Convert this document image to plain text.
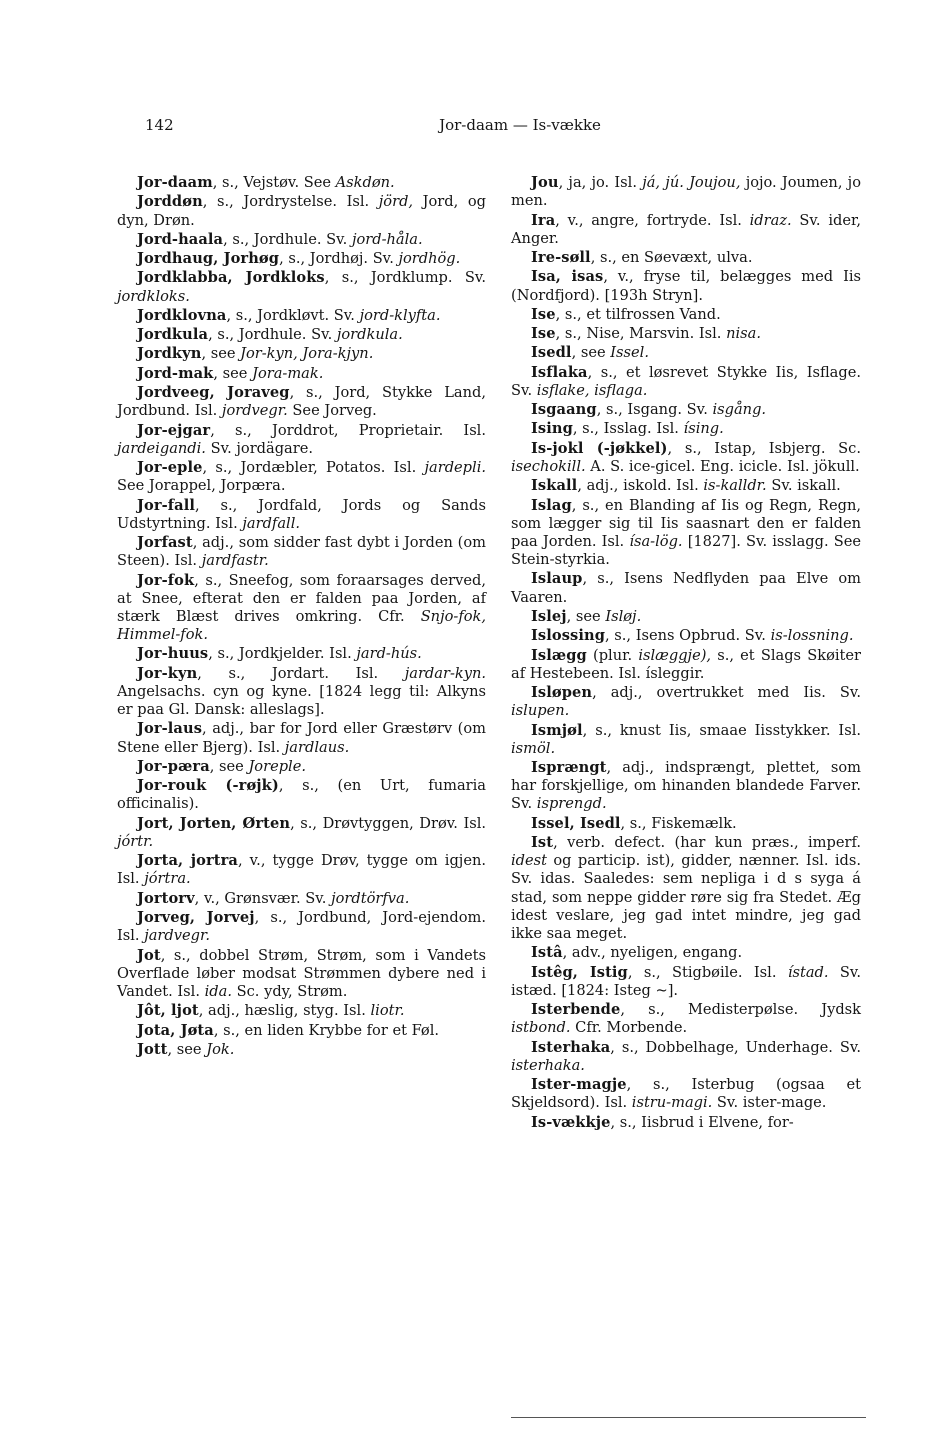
142	Jor-daam — Is-vække

Jor-daam, s., Vejstøv. See Askdøn.

Jorddøn, s., Jordrystelse. Isl. jörd, Jord, og dyn, Drøn.

Jord-haala, s., Jordhule. Sv. jord-håla.

Jordhaug, Jorhøg, s., Jordhøj. Sv. jordhög.

Jordklabba, Jordkloks, s., Jordklump. Sv. jordkloks.

Jordklovna, s., Jordkløvt. Sv. jord-klyfta.

Jordkula, s., Jordhule. Sv. jordkula.

Jordkyn, see Jor-kyn, Jora-kjyn.

Jord-mak, see Jora-mak.

Jordveeg, Joraveg, s., Jord, Stykke Land, Jordbund. Isl. jordvegr. See Jorveg.

Jor-ejgar, s., Jorddrot, Proprietair. Isl. jardeigandi. Sv. jordägare.

Jor-eple, s., Jordæbler, Potatos. Isl. jardepli. See Jorappel, Jorpæra.

Jor-fall, s., Jordfald, Jords og Sands Udstyrtning. Isl. jardfall.

Jorfast, adj., som sidder fast dybt i Jorden (om Steen). Isl. jardfastr.

Jor-fok, s., Sneefog, som foraarsages derved, at Snee, efterat den er falden paa Jorden, af stærk Blæst drives omkring. Cfr. Snjo-fok, Himmel-fok.

Jor-huus, s., Jordkjelder. Isl. jard-hús.

Jor-kyn, s., Jordart. Isl. jardar-kyn. Angelsachs. cyn og kyne. [1824 legg til: Alkyns er paa Gl. Dansk: alleslags].

Jor-laus, adj., bar for Jord eller Græstørv (om Stene eller Bjerg). Isl. jardlaus.

Jor-pæra, see Joreple.

Jor-rouk (-røjk), s., (en Urt, fumaria officinalis).

Jort, Jorten, Ørten, s., Drøvtyggen, Drøv. Isl. jórtr.

Jorta, jortra, v., tygge Drøv, tygge om igjen. Isl. jórtra.

Jortorv, v., Grønsvær. Sv. jordtörfva.

Jorveg, Jorvej, s., Jordbund, Jord-ejendom. Isl. jardvegr.

Jot, s., dobbel Strøm, Strøm, som i Vandets Overflade løber modsat Strømmen dybere ned i Vandet. Isl. ida. Sc. ydy, Strøm.

Jôt, ljot, adj., hæslig, styg. Isl. liotr.

Jota, Jøta, s., en liden Krybbe for et Føl.

Jott, see Jok.

Jou, ja, jo. Isl. já, jú. Joujou, jojo. Joumen, jo men.

Ira, v., angre, fortryde. Isl. idraz. Sv. ider, Anger.

Ire-søll, s., en Søevæxt, ulva.

Isa, isas, v., fryse til, belægges med Iis (Nordfjord). [193h Stryn].

Ise, s., et tilfrossen Vand.

Ise, s., Nise, Marsvin. Isl. nisa.

Isedl, see Issel.

Isflaka, s., et løsrevet Stykke Iis, Isflage. Sv. isflake, isflaga.

Isgaang, s., Isgang. Sv. isgång.

Ising, s., Isslag. Isl. ísing.

Is-jokl (-jøkkel), s., Istap, Isbjerg. Sc. isechokill. A. S. ice-gicel. Eng. icicle. Isl. jökull.

Iskall, adj., iskold. Isl. is-kalldr. Sv. iskall.

Islag, s., en Blanding af Iis og Regn, Regn, som lægger sig til Iis saasnart den er falden paa Jorden. Isl. ísa-lög. [1827]. Sv. isslagg. See Stein-styrkia.

Islaup, s., Isens Nedflyden paa Elve om Vaaren.

Islej, see Isløj.

Islossing, s., Isens Opbrud. Sv. is-lossning.

Islægg (plur. islæggje), s., et Slags Skøiter af Hestebeen. Isl. ísleggir.

Isløpen, adj., overtrukket med Iis. Sv. islupen.

Ismjøl, s., knust Iis, smaae Iisstykker. Isl. ismöl.

Isprængt, adj., indsprængt, plettet, som har forskjellige, om hinanden blandede Farver. Sv. isprengd.

Issel, Isedl, s., Fiskemælk.

Ist, verb. defect. (har kun præs., imperf. idest og particip. ist), gidder, nænner. Isl. ids. Sv. idas. Saaledes: sem nepliga i d s syga á stad, som neppe gidder røre sig fra Stedet. Æg idest veslare, jeg gad intet mindre, jeg gad ikke saa meget.

Istâ, adv., nyeligen, engang.

Istêg, Istig, s., Stigbøile. Isl. ístad. Sv. istæd. [1824: Isteg ~].

Isterbende, s., Medisterpølse. Jydsk istbond. Cfr. Morbende.

Isterhaka, s., Dobbelhage, Underhage. Sv. isterhaka.

Ister-magje, s., Isterbug (ogsaa et Skjeldsord). Isl. istru-magi. Sv. ister-mage.

Is-vækkje, s., Iisbrud i Elvene, for-
